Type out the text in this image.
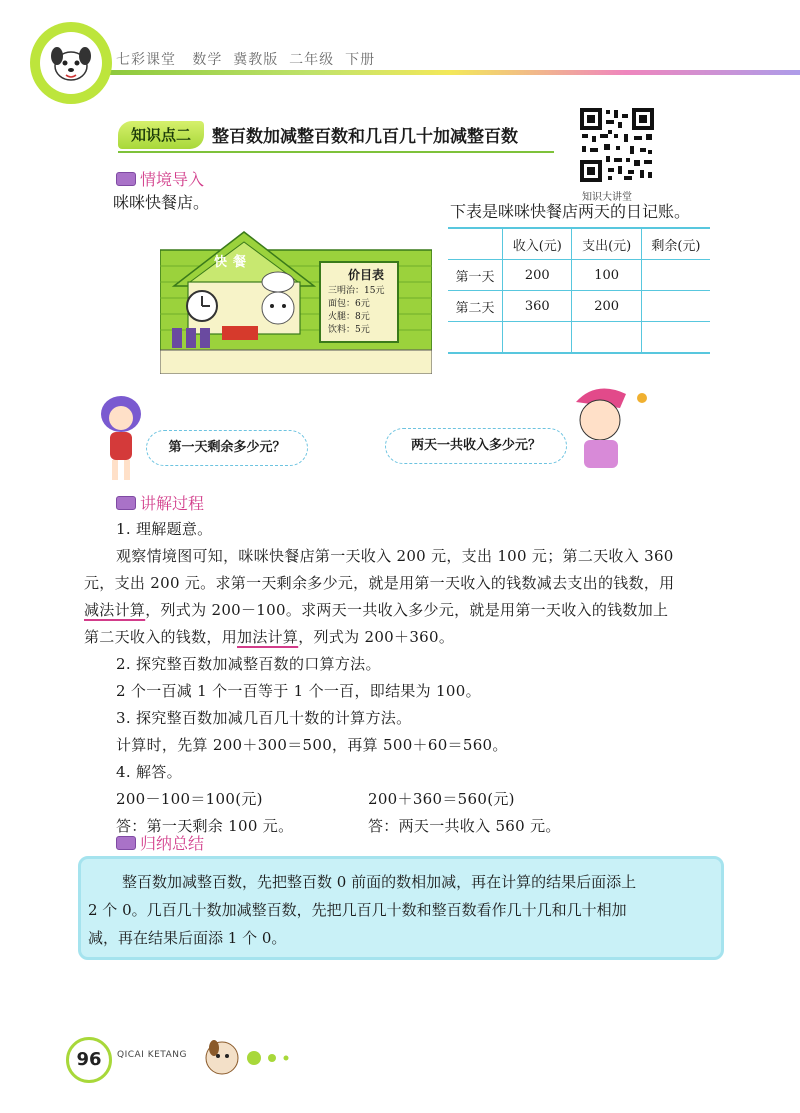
七彩课堂 数学 冀教版 二年级 下册
知识点二	整百数加减整百数和几百几十加减整百数
知识大讲堂
情境导入
咪咪快餐店。	下表是咪咪快餐店两天的日记账。
快餐
价目表
三明治：15元
面包：6元
火腿：8元
饮料：5元
	收入(元)	支出(元)	剩余(元)
第一天	200	100	
第二天	360	200	

第一天剩余多少元？	两天一共收入多少元？
讲解过程
1. 理解题意。
观察情境图可知，咪咪快餐店第一天收入 200 元，支出 100 元；第二天收入 360
元，支出 200 元。求第一天剩余多少元，就是用第一天收入的钱数减去支出的钱数，用
减法计算，列式为 200－100。求两天一共收入多少元，就是用第一天收入的钱数加上
第二天收入的钱数，用加法计算，列式为 200＋360。
2. 探究整百数加减整百数的口算方法。
2 个一百减 1 个一百等于 1 个一百，即结果为 100。
3. 探究整百数加减几百几十数的计算方法。
计算时，先算 200＋300＝500，再算 500＋60＝560。
4. 解答。
200－100＝100(元)	200＋360＝560(元)
答：第一天剩余 100 元。	答：两天一共收入 560 元。
归纳总结
整百数加减整百数，先把整百数 0 前面的数相加减，再在计算的结果后面添上
2 个 0。几百几十数加减整百数，先把几百几十数和整百数看作几十几和几十相加
减，再在结果后面添 1 个 0。
96	QICAI KETANG
